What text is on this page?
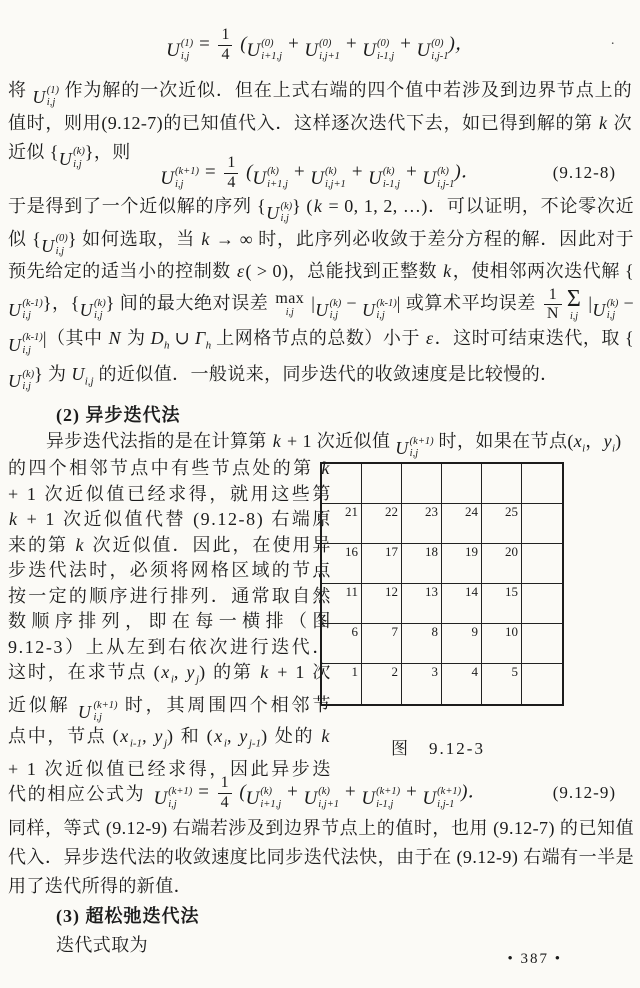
U (1)
i,j
= $\frac{1}{4}$ ( U (0)
i+1,j
+ U (0)
i,j+1
+ U (0)
i-1,j
+ U (0)
i,j-1
)，	·
将 U (1)
i,j
作为解的一次近似．但在上式右端的四个值中若涉及到边界节点上的值时，则用(9.12-7)的已知值代入．这样逐次迭代下去，如已得到解的第 k 次近似 { U (k)
i,j
}，则
U (k+1)
i,j
= $\frac{1}{4}$ ( U (k)
i+1,j
+ U (k)
i,j+1
+ U (k)
i-1,j
+ U (k)
i,j-1
)．	(9.12-8)
于是得到了一个近似解的序列 { U (k)
i,j
} (k = 0, 1, 2, …)．可以证明，不论零次近似 { U (0)
i,j
} 如何选取，当 k → ∞ 时，此序列必收敛于差分方程的解．因此对于预先给定的适当小的控制数 ε( > 0)，总能找到正整数 k，使相邻两次迭代解 {
U (k-1)
i,j
}，{ U (k)
i,j
} 间的最大绝对误差 max
i,j | U (k)
i,j
− U (k-1)
i,j
| 或算术平均误差 $\frac{1}{N}$ Σ
i,j
| U (k)
i,j
−
U (k-1)
i,j
|（其中 N 为 $D_h$ ∪ $\Gamma_h$ 上网格节点的总数）小于 ε．这时可结束迭代，取 {
U (k)
i,j
} 为 $U_{i,j}$ 的近似值．一般说来，同步迭代的收敛速度是比较慢的．
(2) 异步迭代法
异步迭代法指的是在计算第 k + 1 次近似值 U (k+1)
i,j
时，如果在节点($x_i$，$y_i$)
的四个相邻节点中有些节点处的第 k + 1 次近似值已经求得，就用这些第 k + 1 次近似值代替 (9.12-8) 右端原来的第 k 次近似值．因此，在使用异步迭代法时，必须将网格区域的节点按一定的顺序进行排列．通常取自然数顺序排列，即在每一横排（图 9.12-3）上从左到右依次进行迭代．这时，在求节点 ($x_i$, $y_j$) 的第 k + 1 次近似解 U (k+1)
i,j
时，其周围四个相邻节点中，节点 ($x_{i-1}$, $y_j$) 和 ($x_i$, $y_{j-1}$) 处的 k + 1 次近似值已经求得，因此异步迭代的相应公式为
21 22 23 24 25
16 17 18 19 20
11 12 13 14 15
6	7	8	9 10
1	2	3	4	5
图　9.12-3
U (k+1)
i,j
= $\frac{1}{4}$ ( U (k)
i+1,j
+ U (k)
i,j+1
+ U (k+1)
i-1,j
+ U (k+1)
i,j-1
)．	(9.12-9)
同样，等式 (9.12-9) 右端若涉及到边界节点上的值时，也用 (9.12-7) 的已知值代入．异步迭代法的收敛速度比同步迭代法快，由于在 (9.12-9) 右端有一半是用了迭代所得的新值．
(3) 超松弛迭代法
迭代式取为
• 387 •
